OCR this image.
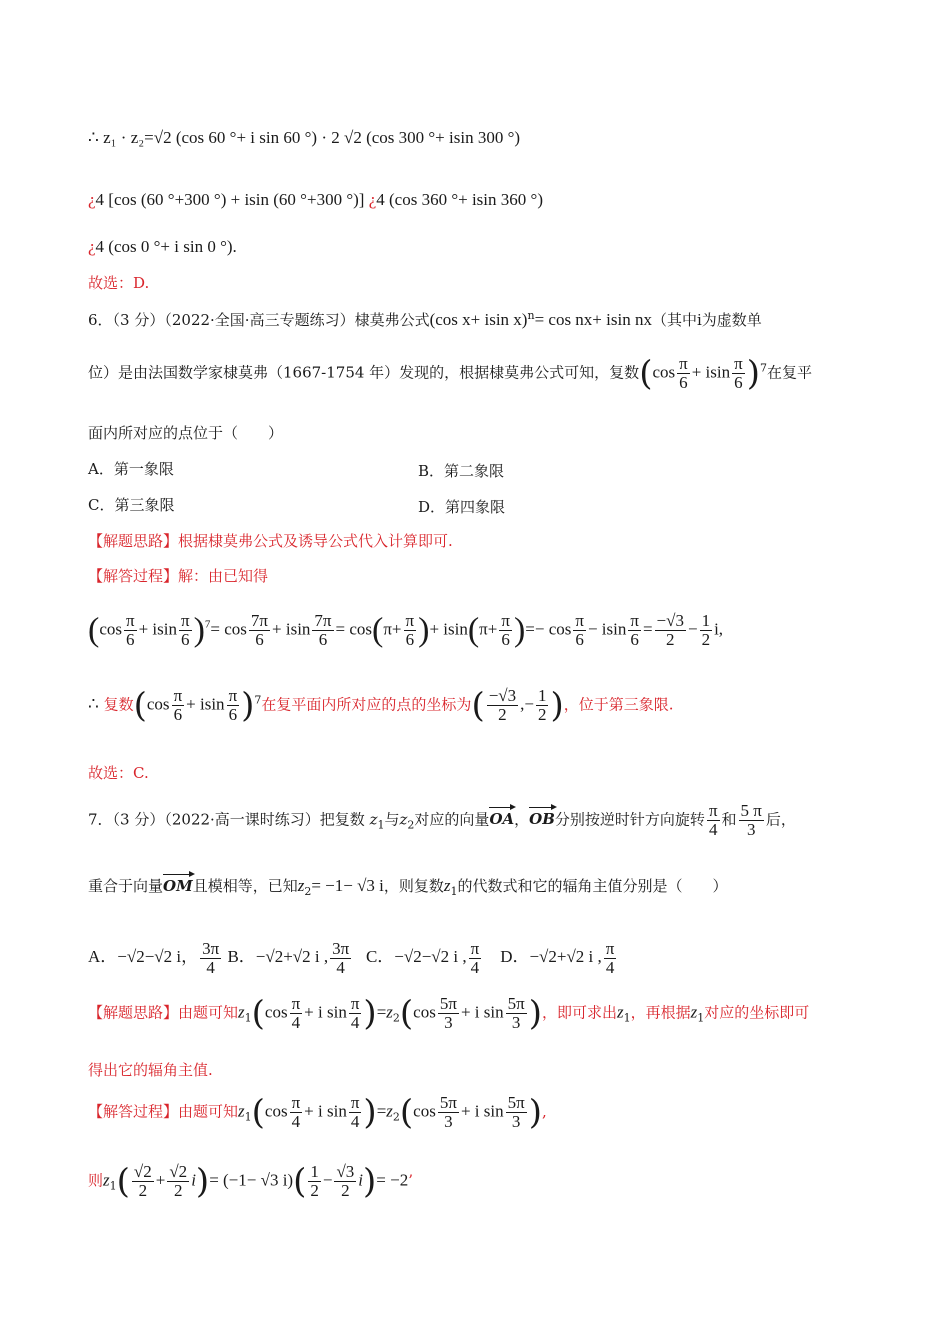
∴ z₁ · z₂=√2 (cos 60 °+ i sin 60 °) · 2 √2 (cos 300 °+ isin 300 °)
¿4 [cos (60 °+300 °) + isin (60 °+300 °)] ¿4 (cos 360 °+ isin 360 °)
¿4 (cos 0 °+ i sin 0 °).
故选：D.
6．（3 分）（2022·全国·高三专题练习）棣莫弗公式(cos x+ isin x)$^n$= cos nx+ isin nx（其中i为虚数单
位）是由法国数学家棣莫弗（1667-1754 年）发现的，根据棣莫弗公式可知，复数$(\cos \frac{\pi}{6} + isin \frac{\pi}{6} )^7$在复平
面内所对应的点位于（　　）
A．第一象限	B．第二象限
C．第三象限	D．第四象限
【解题思路】根据棣莫弗公式及诱导公式代入计算即可.
【解答过程】解：由已知得
$(\cos \frac{\pi}{6} + isin \frac{\pi}{6} )^7= \cos \frac{7\pi}{6} + isin \frac{7\pi}{6} = \cos(\pi+ \frac{\pi}{6}$ )+ $isin(\pi+ \frac{\pi}{6}$ )=− $\cos \frac{\pi}{6} - isin \frac{\pi}{6} = \frac{-√3}{2} - \frac{1}{2} i$,
∴ 复数$(\cos \frac{\pi}{6} + isin \frac{\pi}{6} )^7$在复平面内所对应的点的坐标为( $\frac{-√3}{2}$ ,− $\frac{1}{2}$ )，位于第三象限.
故选：C.
7．（3 分）（2022·高一课时练习）把复数 $z_1$与$z_2$对应的向量OA，OB分别按逆时针方向旋转 $\frac{\pi}{4}$ 和 $\frac{5 \pi}{3}$ 后，
重合于向量OM且模相等，已知$z_2= -1- √3$ i，则复数$z_1$的代数式和它的辐角主值分别是（　　）
A．−√2−√2 i， $\frac{3\pi}{4}$ B．−√2+√2 i , $\frac{3\pi}{4}$ C．−√2−√2 i , $\frac{\pi}{4}$ D．−√2+√2 i , $\frac{\pi}{4}$
【解题思路】由题可知$z_1(\cos \frac{\pi}{4} + i$ $\sin \frac{\pi}{4} )=z_2(\cos \frac{5\pi}{3} + i$ $\sin \frac{5\pi}{3}$ )，即可求出$z_1$，再根据$z_1$对应的坐标即可
得出它的辐角主值.
【解答过程】由题可知$z_1(\cos \frac{\pi}{4} + i$ $\sin \frac{\pi}{4} )=z_2(\cos \frac{5\pi}{3} + i$ $\sin \frac{5\pi}{3}$ ),
则$z_1( \frac{√2}{2} + \frac{√2}{2} i)= (-1- √3$ $i)( \frac{1}{2} - \frac{√3}{2} i)= -2$’
